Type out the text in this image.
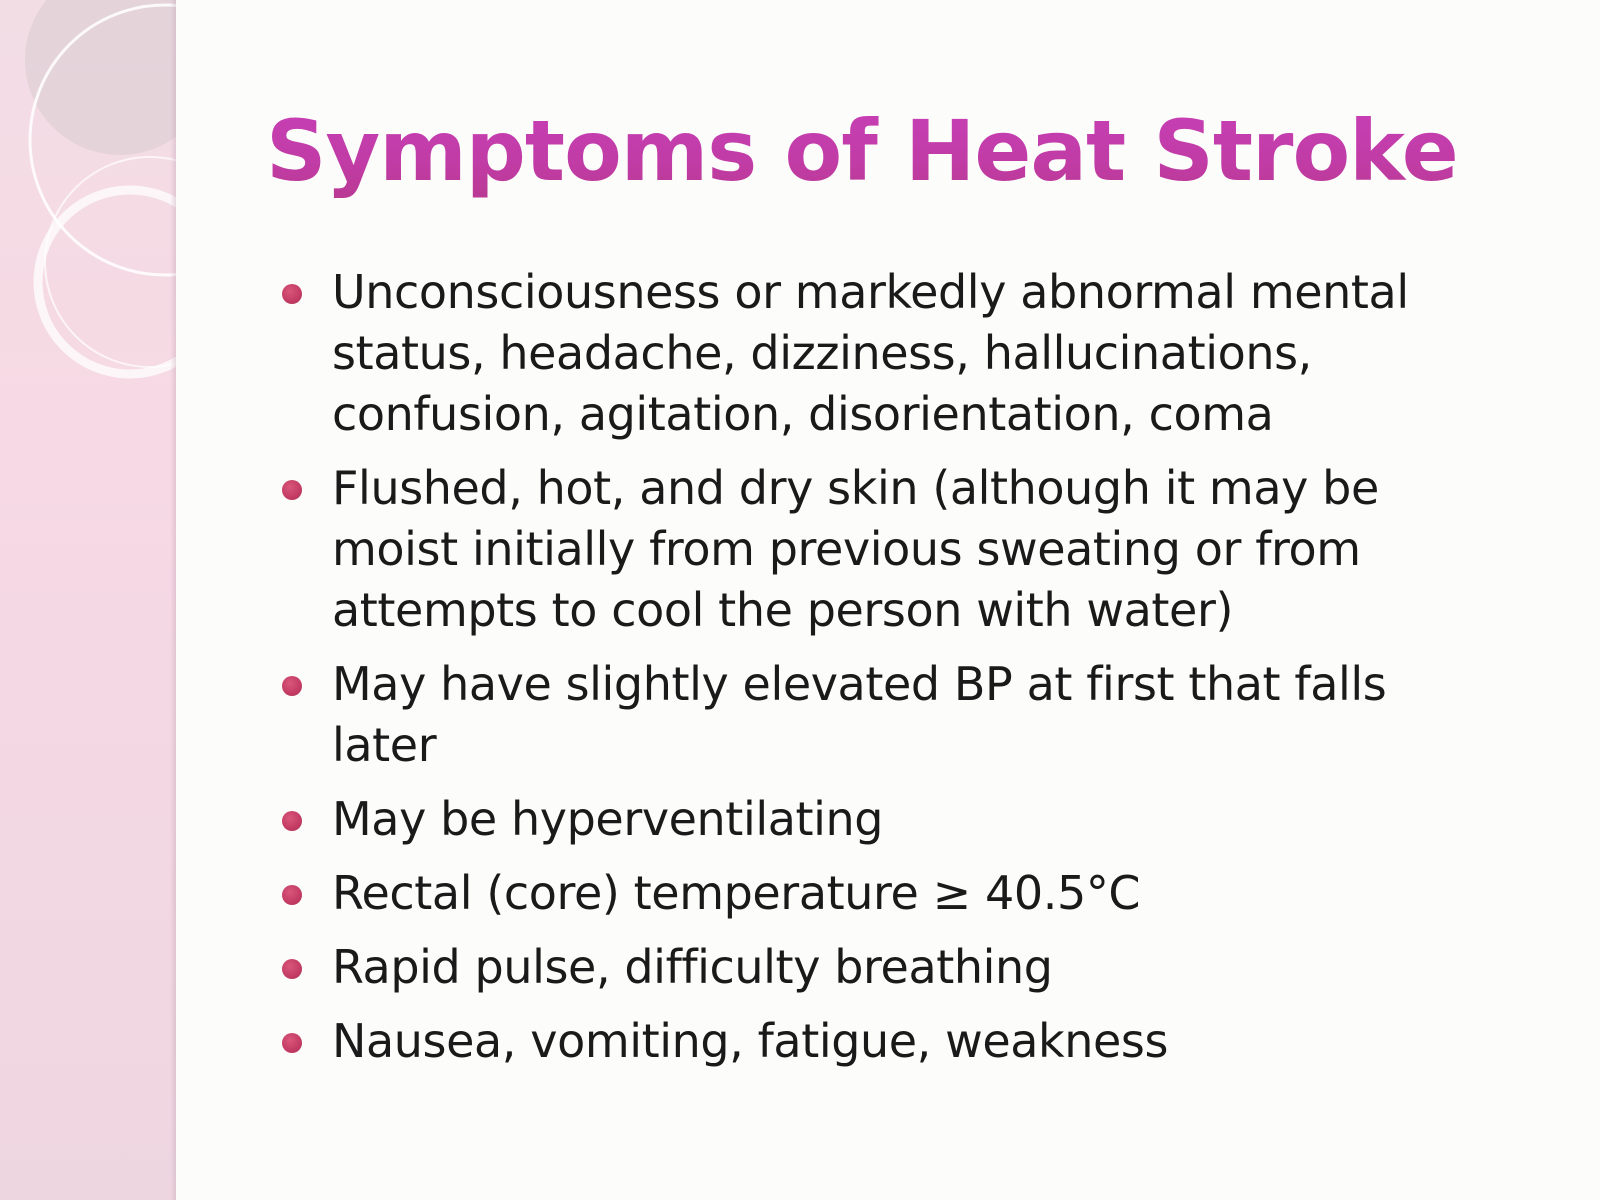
Symptoms of Heat Stroke
Unconsciousness or markedly abnormal mental status, headache, dizziness, hallucinations, confusion, agitation, disorientation, coma
Flushed, hot, and dry skin (although it may be moist initially from previous sweating or from attempts to cool the person with water)
May have slightly elevated BP at first that falls later
May be hyperventilating
Rectal (core) temperature ≥ 40.5°C
Rapid pulse, difficulty breathing
Nausea, vomiting, fatigue, weakness
